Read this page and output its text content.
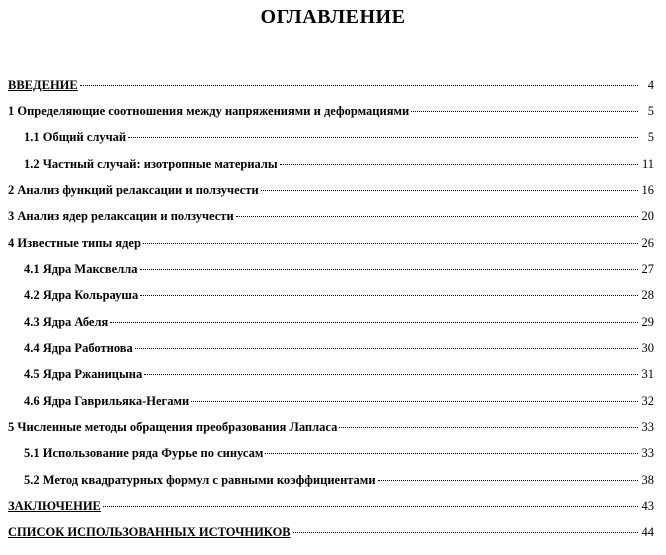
ОГЛАВЛЕНИЕ
ВВЕДЕНИЕ	4
1 Определяющие соотношения между напряжениями и деформациями	5
1.1 Общий случай	5
1.2 Частный случай: изотропные материалы	11
2 Анализ функций релаксации и ползучести	16
3 Анализ ядер релаксации и ползучести	20
4 Известные типы ядер	26
4.1 Ядра Максвелла	27
4.2 Ядра Кольрауша	28
4.3 Ядра Абеля	29
4.4 Ядра Работнова	30
4.5 Ядра Ржаницына	31
4.6 Ядра Гаврильяка-Негами	32
5 Численные методы обращения преобразования Лапласа	33
5.1 Использование ряда Фурье по синусам	33
5.2 Метод квадратурных формул с равными коэффициентами	38
ЗАКЛЮЧЕНИЕ	43
СПИСОК ИСПОЛЬЗОВАННЫХ ИСТОЧНИКОВ	44
